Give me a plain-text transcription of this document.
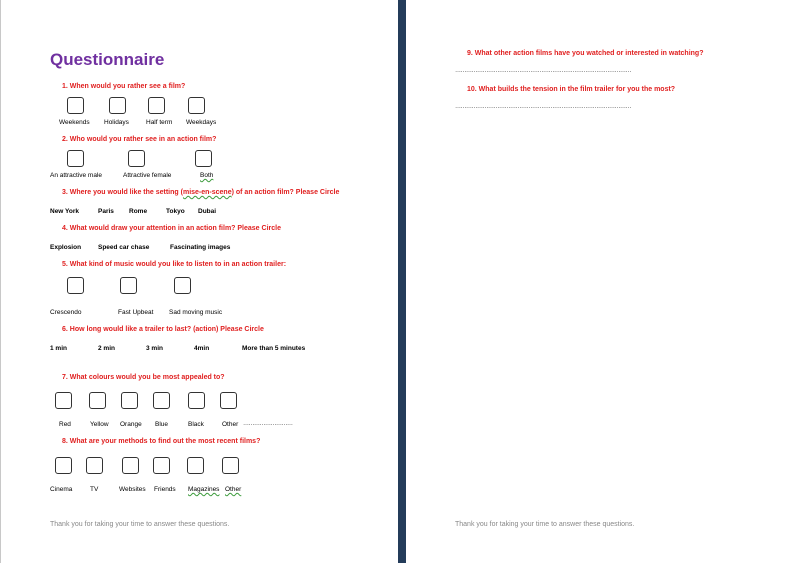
Questionnaire
1. When would you rather see a film?
Weekends Holidays	Half term Weekdays
2. Who would you rather see in an action film?
An attractive male	Attractive female	Both
3. Where you would like the setting (mise-en-scene) of an action film? Please Circle
New York	Paris Rome	Tokyo Dubai
4. What would draw your attention in an action film? Please Circle
Explosion	Speed car chase	Fascinating images
5. What kind of music would you like to listen to in an action trailer:
Crescendo	Fast Upbeat Sad moving music
6. How long would like a trailer to last? (action) Please Circle
1 min	2 min	3 min	4min	More than 5 minutes
7. What colours would you be most appealed to?
Red	Yellow Orange Blue	Black	Other ………………………
8. What are your methods to find out the most recent films?
Cinema	TV	Websites Friends Magazines Other
Thank you for taking your time to answer these questions.
9. What other action films have you watched or interested in watching?
……………………………………………………………………………………
10. What builds the tension in the film trailer for you the most?
……………………………………………………………………………………
Thank you for taking your time to answer these questions.
